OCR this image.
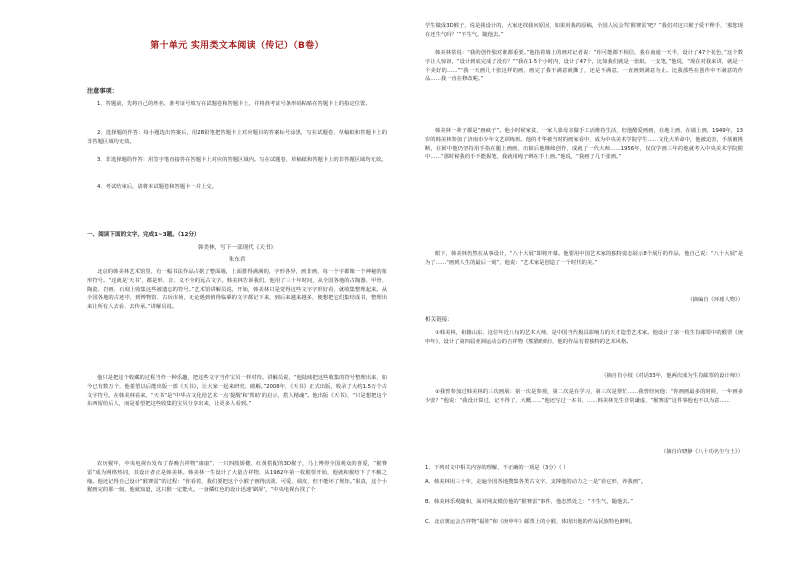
第十单元 实用类文本阅读（传记）（B卷）
注意事项：
1．答题前，先将自己的姓名、准考证号填写在试题卷和答题卡上，并将准考证号条形码粘贴在答题卡上的指定位置。
2．选择题的作答：每小题选出答案后，用2B铅笔把答题卡上对应题目的答案标号涂黑，写在试题卷、草稿纸和答题卡上的非答题区域均无效。
3．非选择题的作答：用签字笔直接答在答题卡上对应的答题区域内。写在试题卷、草稿纸和答题卡上的非答题区域均无效。
4．考试结束后，请将本试题卷和答题卡一并上交。
一、阅读下面的文字，完成1~3题。（12分）
韩美林，写下一部现代《天书》
朱东君
北京的韩美林艺术馆里，有一幅书法作品占据了整面墙，上面排得满满的，字形各异，画非画，每一个字都像一个神秘的象形符号。“这就是‘天书’，都是形、音、义不全的远古文字。韩美林告诉我们，他用了三十年时间，从全国各地的古陶器、甲骨、陶瓷、岩画、石刻上收集这些被遗忘的符号。”艺术馆讲解员说，开始，韩美林只是觉得这些文字字形好看，就收集整理起来。从全国各地的古迹中，到博物馆、古玩市场，无论遇到值得临摹的文字都记下来，到后来越来越多，便想把它们集结成书，整理出来让所有人去看、去传承。”讲解员说。
他只是把这个收藏的过程当作一种乐趣，把这些文字当作宝贝一样对待。讲解员说，“他陆续把这些收集的符号整理出来，如今已有数万个，他希望以后能出版一部《天书》，让大家一起来研究、破解。”2008年，《天书》正式出版，收录了大约1.5万个古文字符号。在韩美林看来，“天书”是“中华古文化给艺术一点‘提醒’和‘帮助’的启示，搭人精魂”。他出版《天书》，“只是想把这个东西留给后人，而是希望把这些收集的宝贝分享出来，让更多人看到。”
农历猴年，中央电视台发布了春晚吉祥物“康康”，一只四肢矫健、红黄搭配的3D猴子，马上博得全国观众的喜爱，“猴赛雷”成为网络热词，其设计者正是韩美林。韩美林一生设计了大量吉祥物，从1982年第一枚猴票开始，他就和猴结下了不解之缘。他还记得自己设计“猴赛雷”的过程：“你看着，我们要把这个小猴子画得活泼、可爱、调皮，但不能坏了规矩。”果真，这个小猴画完的那一刻，他就知道，这只猴一定能火。一身橘红色的设计迅速‘刷屏’，“中央电视台找了个
学生做成3D猴子，说是我设计的，大家还找我问原因，如果用我的原稿，全国人民会骂‘猴赛雷’吧？”我们对这只猴子爱不释手，‘那您现在还生气吗？’“不生气，随他去。”
韩美林常说：“我的创作独对谁都重要。”他指着墙上的画对记者说：“你可能都不相信，我在南通一天半，设计了47个花色，”这个数字让人惊讶，“设计到底完成了没有？”“我在1·5个小时内，设计了47个，比如我们就是一张纸、一支笔，”他说，“现在对我来讲，就是一个美好的……”“我一天画几十张这样的画，画完了我不满意就撕了，还是不满意，一直画到满意为止。比我那些在创作中不满意的作品……我一直在修改呢。”
韩美林一辈子都是“画疯子”。他小时候家贫，一家人靠母亲做手工活维持生活，但他酷爱画画，在地上画、在墙上画，1949年，13岁的韩美林参加了济南市少年文艺训练班。他的才华被当时的画家看中，成为中央美术学院学生……文化大革命中，他被迫害，手筋被挑断，在狱中他仍坚持用手指在腿上画画，出狱后他继续创作，成就了一代大师……1956年，仅仅学画三年的他就考入中央美术学院附中……“那时候我的手不能握笔，我就用绳子绑在手上画。”他说，“我画了几千张画。”
眼下，韩美林仍然在从事设计，“八十大展”即将开幕。他要用中国艺术家的独特姿态展示8个展厅的作品，他自己说：“八十大展”是为了……“画到人生的最后一刻”，他说：“艺术家是创造了一个时代的美。”
（摘编自《环球人物》）
相关链接：
①韩美林，祖籍山东，这位年近八旬的艺术大师，是中国当代极具影响力的天才造型艺术家。他设计了第一枚生肖邮票中的猴票《庚申年》，设计了第四届亚洲运动会的吉祥物《熊猫盼盼》，他的作品有着独特的艺术风格。
（摘自肖小枝《对话33年，他两次成为生肖邮票的设计师》）
②我曾参加过韩美林的三次画展：第一次是参观，第二次是在学习，第三次是帮忙……我曾经问他：“你画画最多的时候，一年画多少张？”他说：“我没计算过，记不得了，大概……”他还写过一本书，……韩美林先生非常谦虚、“猴赛雷”这件事他也不以为意……
（摘自许晓静《八十功名尘与土》）
1．下列对文中相关内容的理解，不正确的一项是（3分）（ ）
A．韩美林用三十年，走遍全国各地搜集各类古文字，支撑他的动力之一是“看它形，养我画”。
B．韩美林乐观随和，面对网友模仿他的“猴赛雷”事件，他态然处之：“不生气，随他去。”
C．北京奥运会吉祥物“福娃”和《庚申年》邮票上的小猴，体现出他的作品民族特色鲜明。
